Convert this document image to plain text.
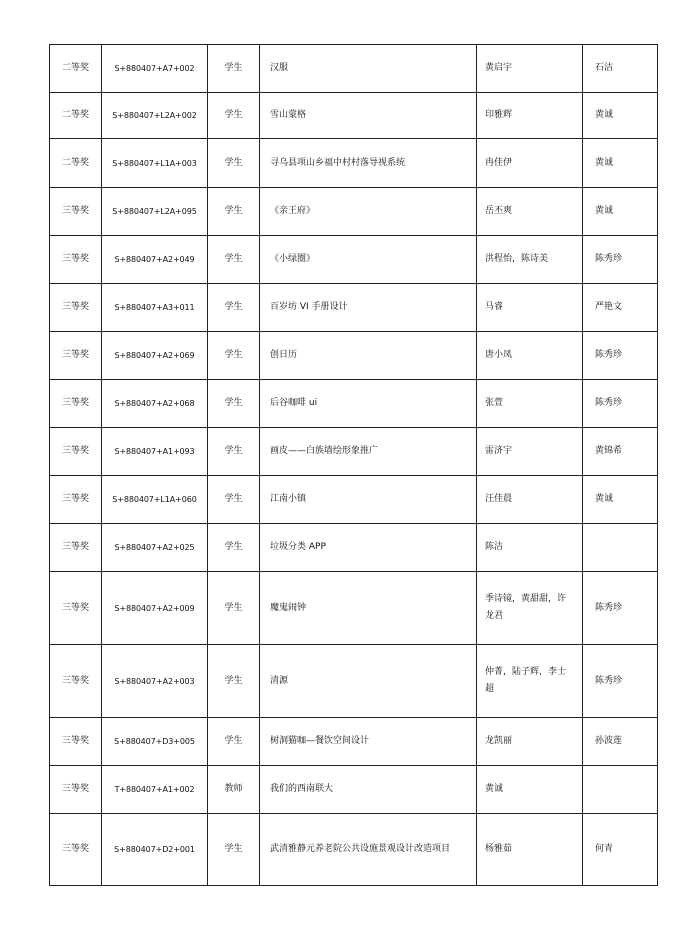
二等奖	S+880407+A7+002	学生	汉服	黄启宇	石洁
二等奖	S+880407+L2A+002	学生	雪山蒙格	印雅辉	黄诚
二等奖	S+880407+L1A+003	学生	寻乌县项山乡福中村村落导视系统	冉佳伊	黄诚
三等奖	S+880407+L2A+095	学生	《亲王府》	岳丕爽	黄诚
三等奖	S+880407+A2+049	学生	《小绿圈》	洪程怡，陈诗美	陈秀珍
三等奖	S+880407+A3+011	学生	百岁坊 VI 手册设计	马睿	严艳文
三等奖	S+880407+A2+069	学生	创日历	唐小凤	陈秀珍
三等奖	S+880407+A2+068	学生	后谷咖啡 ui	张萱	陈秀珍
三等奖	S+880407+A1+093	学生	画皮——白族墙绘形象推广	雷济宇	黄锦希
三等奖	S+880407+L1A+060	学生	江南小镇	汪佳晨	黄诚
三等奖	S+880407+A2+025	学生	垃圾分类 APP	陈洁	
三等奖	S+880407+A2+009	学生	魔鬼闹钟	季诗镜，黄甜甜，许龙君	陈秀珍
三等奖	S+880407+A2+003	学生	清源	仲菁，陆子辉，李士超	陈秀珍
三等奖	S+880407+D3+005	学生	树洞猫咖—餐饮空间设计	龙凯丽	孙波莲
三等奖	T+880407+A1+002	教师	我们的西南联大	黄诚	
三等奖	S+880407+D2+001	学生	武清雅静元养老院公共设施景观设计改造项目	杨雅茹	何青
